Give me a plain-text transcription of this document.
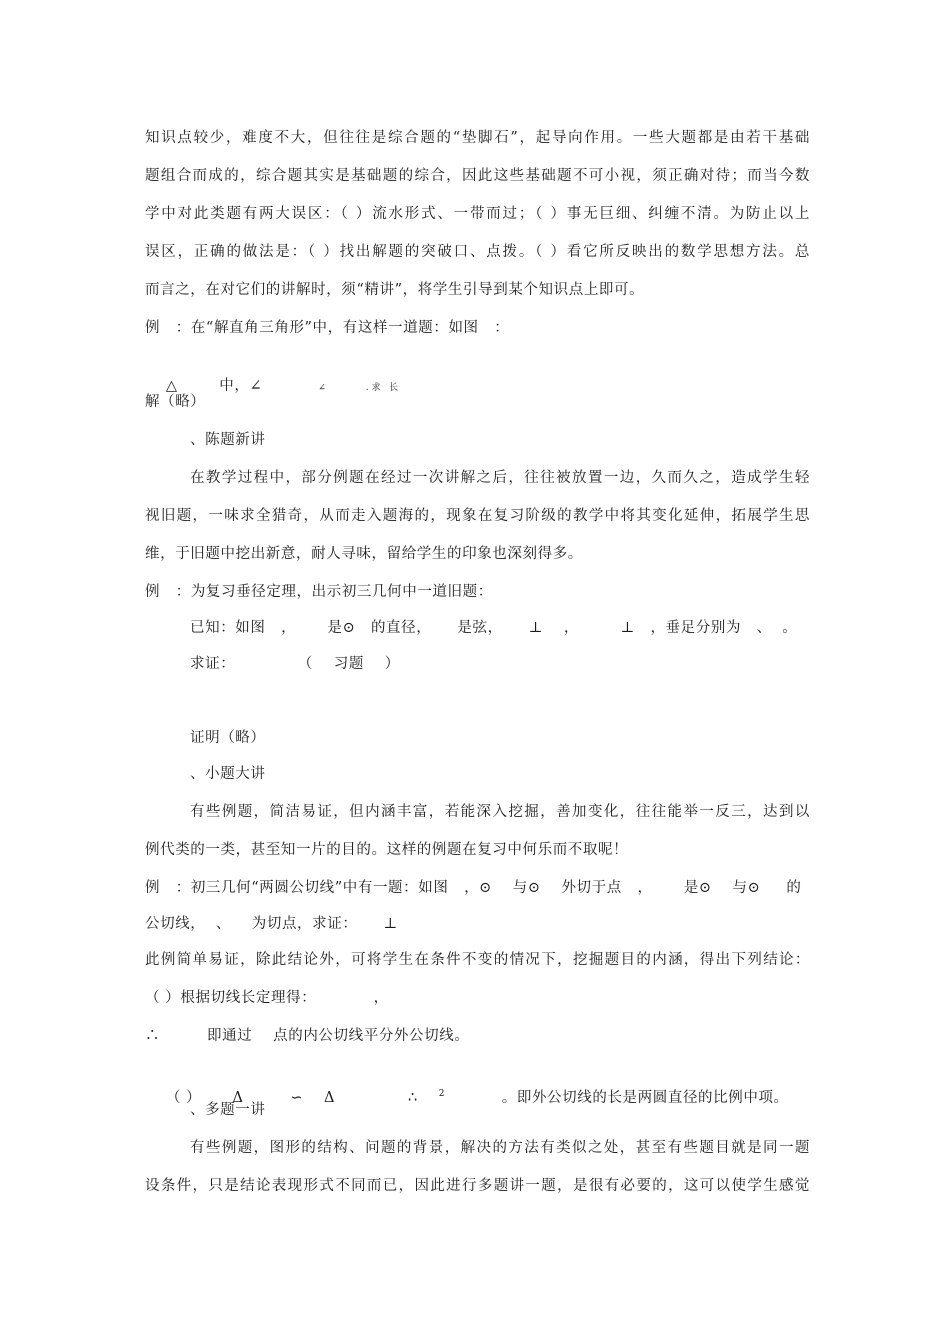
知识点较少，难度不大，但往往是综合题的“垫脚石”，起导向作用。一些大题都是由若干基础
题组合而成的，综合题其实是基础题的综合，因此这些基础题不可小视，须正确对待；而当今数
学中对此类题有两大误区：（ ）流水形式、一带而过；（ ）事无巨细、纠缠不清。为防止以上
误区，正确的做法是：（ ）找出解题的突破口、点拨。（ ）看它所反映出的数学思想方法。总
而言之，在对它们的讲解时，须“精讲”，将学生引导到某个知识点上即可。
例   ：在“解直角三角形”中，有这样一道题：如图   ：

△        中，∠	∠              . 求   长

解（略）
、陈题新讲
在教学过程中，部分例题在经过一次讲解之后，往往被放置一边，久而久之，造成学生轻
视旧题，一味求全猎奇，从而走入题海的，现象在复习阶级的教学中将其变化延伸，拓展学生思
维，于旧题中挖出新意，耐人寻味，留给学生的印象也深刻得多。
例   ：为复习垂径定理，出示初三几何中一道旧题：
已知：如图   ，      是⊙   的直径，     是弦，     ⊥    ，        ⊥   ，垂足分别为   、  。
求证：            （    习题    ）
证明（略）
、小题大讲
有些例题，简洁易证，但内涵丰富，若能深入挖掘，善加变化，往往能举一反三，达到以
例代类的一类，甚至知一片的目的。这样的例题在复习中何乐而不取呢！
例   ：初三几何“两圆公切线”中有一题：如图   ，⊙    与⊙    外切于点   ，      是⊙    与⊙     的
公切线，  、    为切点，求证：     ⊥
此例简单易证，除此结论外，可将学生在条件不变的情况下，挖掘题目的内涵，得出下列结论：
（ ）根据切线长定理得：           ，
∴         即通过    点的内公切线平分外公切线。

（ ）      Δ         ∽    Δ              ∴    $^2$           。即外公切线的长是两圆直径的比例中项。

、多题一讲
有些例题，图形的结构、问题的背景，解决的方法有类似之处，甚至有些题目就是同一题
设条件，只是结论表现形式不同而已，因此进行多题讲一题，是很有必要的，这可以使学生感觉
